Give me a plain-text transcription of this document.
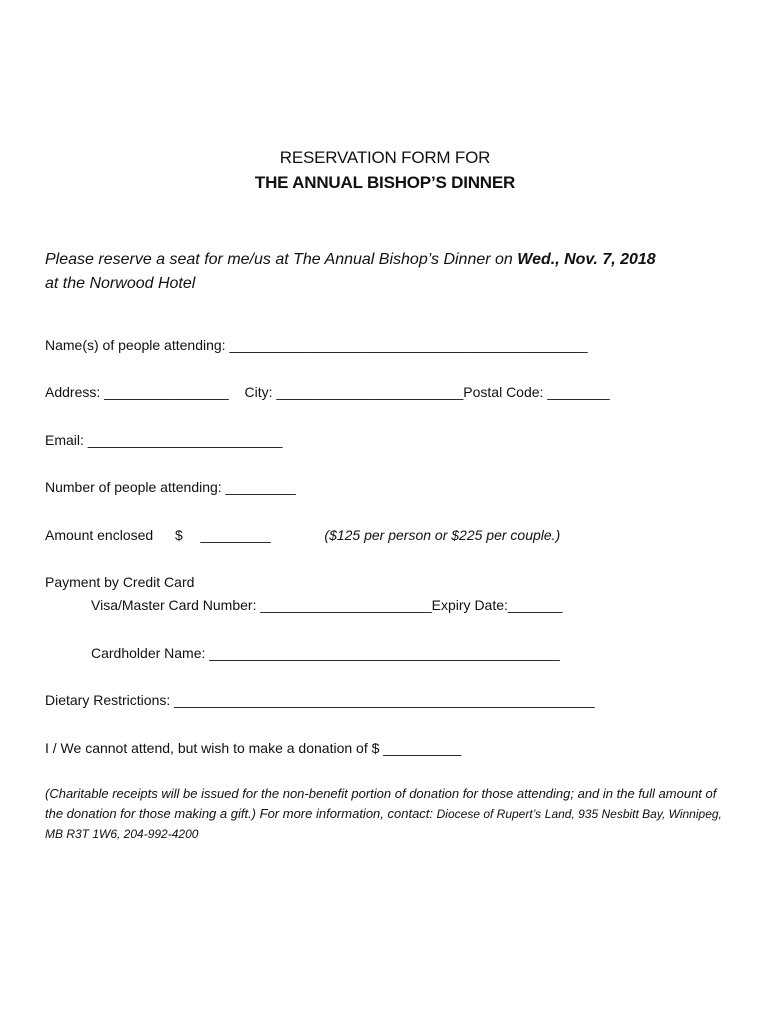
RESERVATION FORM FOR
THE ANNUAL BISHOP’S DINNER
Please reserve a seat for me/us at The Annual Bishop’s Dinner on Wed., Nov. 7, 2018
at the Norwood Hotel
Name(s) of people attending: ______________________________________________
Address: ________________ City: ________________________Postal Code: ________
Email: _________________________
Number of people attending: _________
Amount enclosed $ _________	($125 per person or $225 per couple.)
Payment by Credit Card
Visa/Master Card Number: ______________________Expiry Date:_______
Cardholder Name: _____________________________________________
Dietary Restrictions: ______________________________________________________
I / We cannot attend, but wish to make a donation of $ __________
(Charitable receipts will be issued for the non-benefit portion of donation for those attending; and in the full amount of the donation for those making a gift.) For more information, contact: Diocese of Rupert’s Land, 935 Nesbitt Bay, Winnipeg, MB R3T 1W6, 204-992-4200
